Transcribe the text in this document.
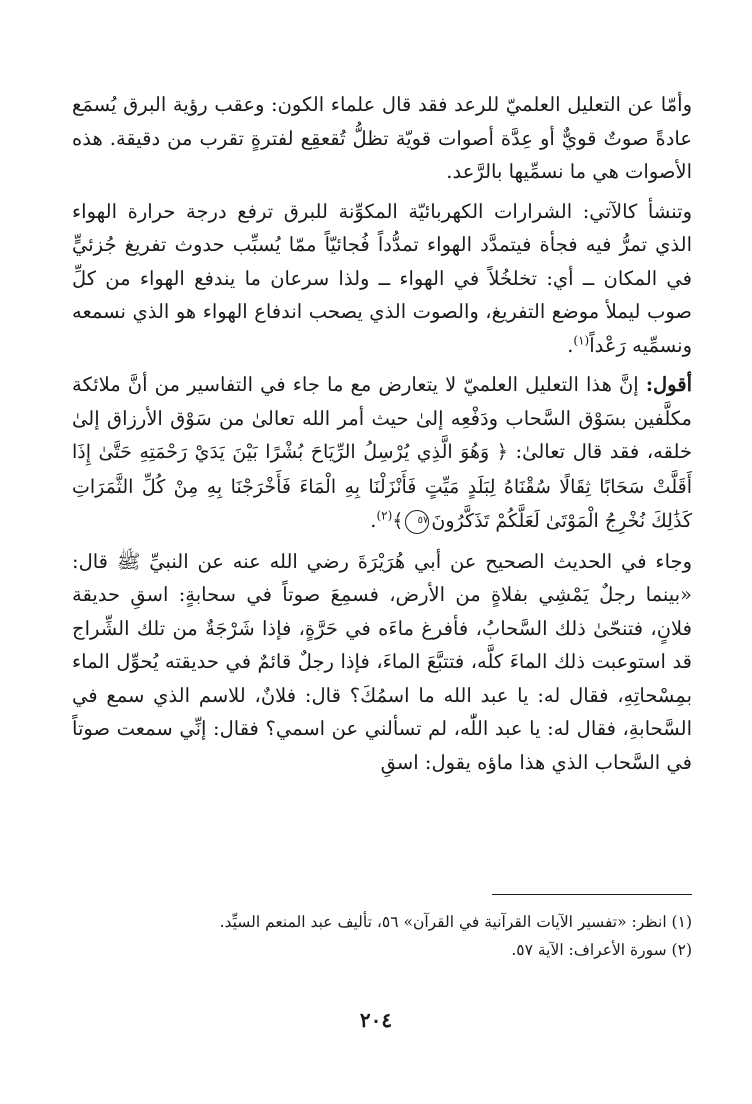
وأمّا عن التعليل العلميّ للرعد فقد قال علماء الكون: وعقب رؤية البرق يُسمَع عادةً صوتٌ قويٌّ أو عِدَّة أصوات قويّة تظلُّ تُقعقِع لفترةٍ تقرب من دقيقة. هذه الأصوات هي ما نسمِّيها بالرَّعد.

وتنشأ كالآتي: الشرارات الكهربائيّة المكوِّنة للبرق ترفع درجة حرارة الهواء الذي تمرُّ فيه فجأة فيتمدَّد الهواء تمدُّداً فُجائيّاً ممّا يُسبِّب حدوث تفريغ جُزئيٍّ في المكان ــ أي: تخلخُلاً في الهواء ــ ولذا سرعان ما يندفع الهواء من كلِّ صوب ليملأ موضع التفريغ، والصوت الذي يصحب اندفاع الهواء هو الذي نسمعه ونسمِّيه رَعْداً$^{(١)}$.

أقول: إنَّ هذا التعليل العلميّ لا يتعارض مع ما جاء في التفاسير من أنَّ ملائكة مكلَّفين بسَوْق السَّحاب ودَفْعِه إلىٰ حيث أمر الله تعالىٰ من سَوْق الأرزاق إلىٰ خلقه، فقد قال تعالىٰ: ﴿ وَهُوَ الَّذِي يُرْسِلُ الرِّيَاحَ بُشْرًا بَيْنَ يَدَيْ رَحْمَتِهِ حَتَّىٰ إِذَا أَقَلَّتْ سَحَابًا ثِقَالًا سُقْنَاهُ لِبَلَدٍ مَيِّتٍ فَأَنْزَلْنَا بِهِ الْمَاءَ فَأَخْرَجْنَا بِهِ مِنْ كُلِّ الثَّمَرَاتِ كَذَٰلِكَ نُخْرِجُ الْمَوْتَىٰ لَعَلَّكُمْ تَذَكَّرُونَ٥٧﴾$^{(٢)}$.

وجاء في الحديث الصحيح عن أبي هُرَيْرَةَ رضي الله عنه عن النبيِّ ﷺ قال: «بينما رجلٌ يَمْشِي بفلاةٍ من الأرض، فسمِعَ صوتاً في سحابةٍ: اسقِ حديقة فلانٍ، فتنحّىٰ ذلك السَّحابُ، فأفرغ ماءَه في حَرَّةٍ، فإذا شَرْجَةٌ من تلك الشِّراج قد استوعبت ذلك الماءَ كلَّه، فتتبَّعَ الماءَ، فإذا رجلٌ قائمٌ في حديقته يُحوِّل الماء بمِسْحاتِهِ، فقال له: يا عبد الله ما اسمُكَ؟ قال: فلانٌ، للاسم الذي سمع في السَّحابةِ، فقال له: يا عبد اللّٰه، لم تسألني عن اسمي؟ فقال: إنِّي سمعت صوتاً في السَّحاب الذي هذا ماؤه يقول: اسقِ

(١) انظر: «تفسير الآيات القرآنية في القرآن» ٥٦، تأليف عبد المنعم السيِّد.

(٢) سورة الأعراف: الآية ٥٧.

٢٠٤
